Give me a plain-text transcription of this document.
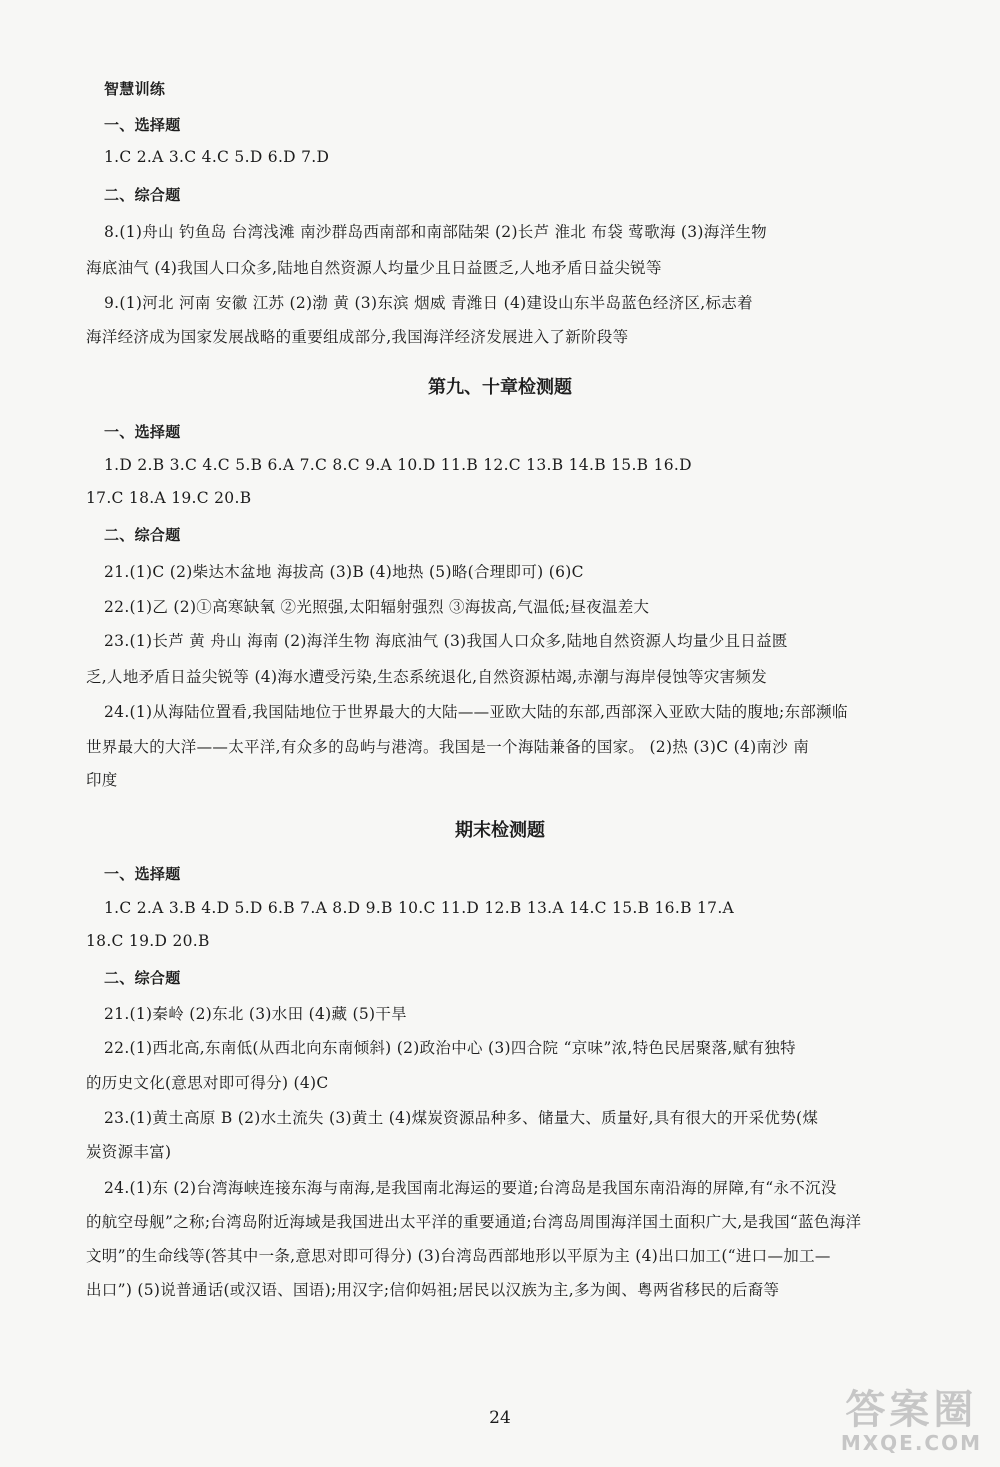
智慧训练
一、选择题
1.C 2.A 3.C 4.C 5.D 6.D 7.D
二、综合题
8.(1)舟山 钓鱼岛 台湾浅滩 南沙群岛西南部和南部陆架 (2)长芦 淮北 布袋 莺歌海 (3)海洋生物
海底油气 (4)我国人口众多,陆地自然资源人均量少且日益匮乏,人地矛盾日益尖锐等
9.(1)河北 河南 安徽 江苏 (2)渤 黄 (3)东滨 烟威 青潍日 (4)建设山东半岛蓝色经济区,标志着
海洋经济成为国家发展战略的重要组成部分,我国海洋经济发展进入了新阶段等
第九、十章检测题
一、选择题
1.D 2.B 3.C 4.C 5.B 6.A 7.C 8.C 9.A 10.D 11.B 12.C 13.B 14.B 15.B 16.D
17.C 18.A 19.C 20.B
二、综合题
21.(1)C (2)柴达木盆地 海拔高 (3)B (4)地热 (5)略(合理即可) (6)C
22.(1)乙 (2)①高寒缺氧 ②光照强,太阳辐射强烈 ③海拔高,气温低;昼夜温差大
23.(1)长芦 黄 舟山 海南 (2)海洋生物 海底油气 (3)我国人口众多,陆地自然资源人均量少且日益匮
乏,人地矛盾日益尖锐等 (4)海水遭受污染,生态系统退化,自然资源枯竭,赤潮与海岸侵蚀等灾害频发
24.(1)从海陆位置看,我国陆地位于世界最大的大陆——亚欧大陆的东部,西部深入亚欧大陆的腹地;东部濒临
世界最大的大洋——太平洋,有众多的岛屿与港湾。我国是一个海陆兼备的国家。 (2)热 (3)C (4)南沙 南
印度
期末检测题
一、选择题
1.C 2.A 3.B 4.D 5.D 6.B 7.A 8.D 9.B 10.C 11.D 12.B 13.A 14.C 15.B 16.B 17.A
18.C 19.D 20.B
二、综合题
21.(1)秦岭 (2)东北 (3)水田 (4)藏 (5)干旱
22.(1)西北高,东南低(从西北向东南倾斜) (2)政治中心 (3)四合院 “京味”浓,特色民居聚落,赋有独特
的历史文化(意思对即可得分) (4)C
23.(1)黄土高原 B (2)水土流失 (3)黄土 (4)煤炭资源品种多、储量大、质量好,具有很大的开采优势(煤
炭资源丰富)
24.(1)东 (2)台湾海峡连接东海与南海,是我国南北海运的要道;台湾岛是我国东南沿海的屏障,有“永不沉没
的航空母舰”之称;台湾岛附近海域是我国进出太平洋的重要通道;台湾岛周围海洋国土面积广大,是我国“蓝色海洋
文明”的生命线等(答其中一条,意思对即可得分) (3)台湾岛西部地形以平原为主 (4)出口加工(“进口—加工—
出口”) (5)说普通话(或汉语、国语);用汉字;信仰妈祖;居民以汉族为主,多为闽、粤两省移民的后裔等
24	答案圈
MXQE.COM
